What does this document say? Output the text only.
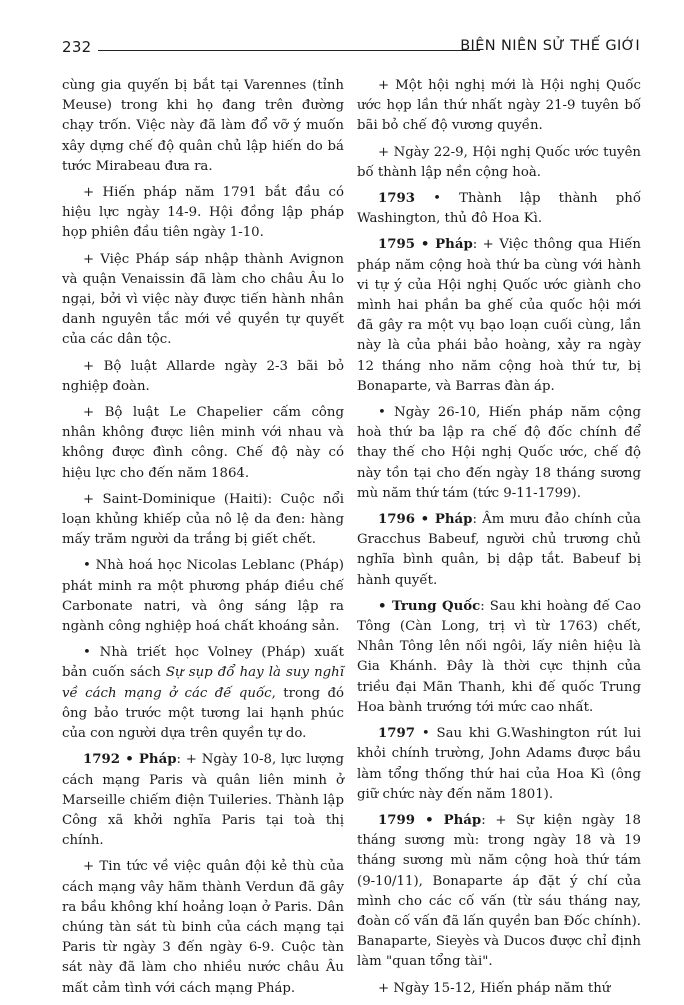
232	BIÊN NIÊN SỬ THẾ GIỚI

cùng gia quyến bị bắt tại Varennes (tỉnh Meuse) trong khi họ đang trên đường chạy trốn. Việc này đã làm đổ vỡ ý muốn xây dựng chế độ quân chủ lập hiến do bá tước Mirabeau đưa ra.

+ Hiến pháp năm 1791 bắt đầu có hiệu lực ngày 14-9. Hội đồng lập pháp họp phiên đầu tiên ngày 1-10.

+ Việc Pháp sáp nhập thành Avignon và quận Venaissin đã làm cho châu Âu lo ngại, bởi vì việc này được tiến hành nhân danh nguyên tắc mới về quyền tự quyết của các dân tộc.

+ Bộ luật Allarde ngày 2-3 bãi bỏ nghiệp đoàn.

+ Bộ luật Le Chapelier cấm công nhân không được liên minh với nhau và không được đình công. Chế độ này có hiệu lực cho đến năm 1864.

+ Saint-Dominique (Haiti): Cuộc nổi loạn khủng khiếp của nô lệ da đen: hàng mấy trăm người da trắng bị giết chết.

• Nhà hoá học Nicolas Leblanc (Pháp) phát minh ra một phương pháp điều chế Carbonate natri, và ông sáng lập ra ngành công nghiệp hoá chất khoáng sản.

• Nhà triết học Volney (Pháp) xuất bản cuốn sách Sự sụp đổ hay là suy nghĩ về cách mạng ở các đế quốc, trong đó ông bảo trước một tương lai hạnh phúc của con người dựa trên quyền tự do.

1792 • Pháp: + Ngày 10-8, lực lượng cách mạng Paris và quân liên minh ở Marseille chiếm điện Tuileries. Thành lập Công xã khởi nghĩa Paris tại toà thị chính.

+ Tin tức về việc quân đội kẻ thù của cách mạng vây hãm thành Verdun đã gây ra bầu không khí hoảng loạn ở Paris. Dân chúng tàn sát tù binh của cách mạng tại Paris từ ngày 3 đến ngày 6-9. Cuộc tàn sát này đã làm cho nhiều nước châu Âu mất cảm tình với cách mạng Pháp.

+ Một hội nghị mới là Hội nghị Quốc ước họp lần thứ nhất ngày 21-9 tuyên bố bãi bỏ chế độ vương quyền.

+ Ngày 22-9, Hội nghị Quốc ước tuyên bố thành lập nền cộng hoà.

1793 • Thành lập thành phố Washington, thủ đô Hoa Kì.

1795 • Pháp: + Việc thông qua Hiến pháp năm cộng hoà thứ ba cùng với hành vi tự ý của Hội nghị Quốc ước giành cho mình hai phần ba ghế của quốc hội mới đã gây ra một vụ bạo loạn cuối cùng, lần này là của phái bảo hoàng, xảy ra ngày 12 tháng nho năm cộng hoà thứ tư, bị Bonaparte, và Barras đàn áp.

• Ngày 26-10, Hiến pháp năm cộng hoà thứ ba lập ra chế độ đốc chính để thay thế cho Hội nghị Quốc ước, chế độ này tồn tại cho đến ngày 18 tháng sương mù năm thứ tám (tức 9-11-1799).

1796 • Pháp: Âm mưu đảo chính của Gracchus Babeuf, người chủ trương chủ nghĩa bình quân, bị dập tắt. Babeuf bị hành quyết.

• Trung Quốc: Sau khi hoàng đế Cao Tông (Càn Long, trị vì từ 1763) chết, Nhân Tông lên nối ngôi, lấy niên hiệu là Gia Khánh. Đây là thời cực thịnh của triều đại Mãn Thanh, khi đế quốc Trung Hoa bành trướng tới mức cao nhất.

1797 • Sau khi G.Washington rút lui khỏi chính trường, John Adams được bầu làm tổng thống thứ hai của Hoa Kì (ông giữ chức này đến năm 1801).

1799 • Pháp: + Sự kiện ngày 18 tháng sương mù: trong ngày 18 và 19 tháng sương mù năm cộng hoà thứ tám (9-10/11), Bonaparte áp đặt ý chí của mình cho các cố vấn (từ sáu tháng nay, đoàn cố vấn đã lấn quyền ban Đốc chính). Banaparte, Sieyès và Ducos được chỉ định làm "quan tổng tài".

+ Ngày 15-12, Hiến pháp năm thứ
